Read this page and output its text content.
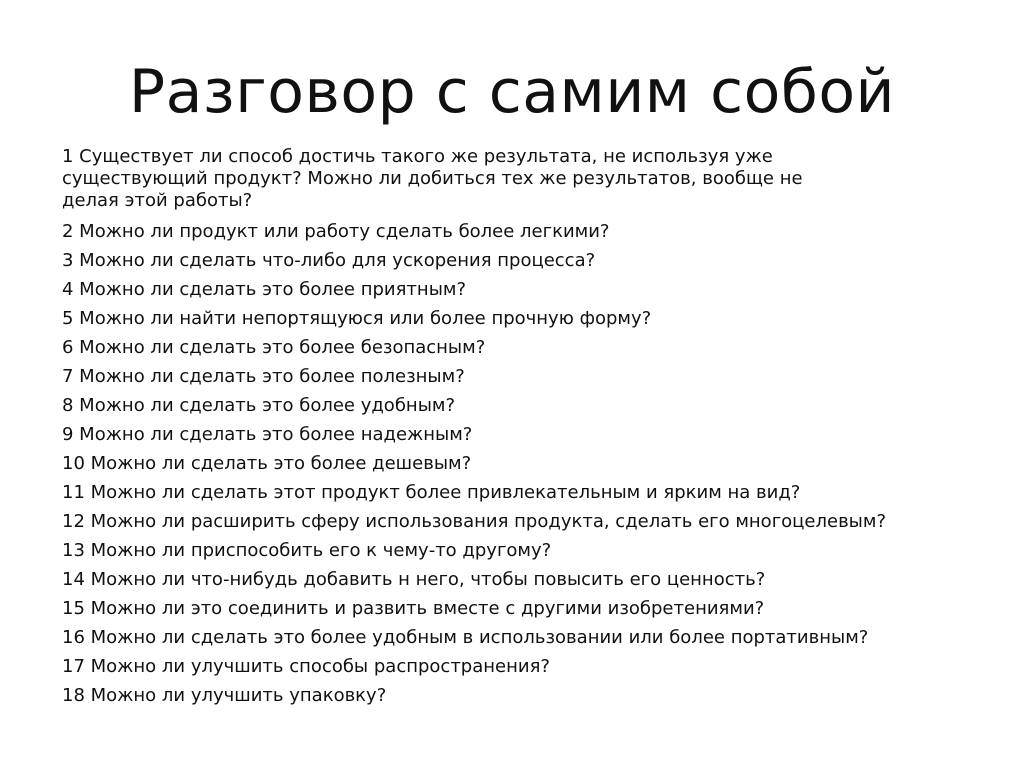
Разговор с самим собой
1 Существует ли способ достичь такого же результата, не используя уже существующий продукт? Можно ли добиться тех же результатов, вообще не делая этой работы?
2 Можно ли продукт или работу сделать более легкими?
3 Можно ли сделать что-либо для ускорения процесса?
4 Можно ли сделать это более приятным?
5 Можно ли найти непортящуюся или более прочную форму?
6 Можно ли сделать это более безопасным?
7 Можно ли сделать это более полезным?
8 Можно ли сделать это более удобным?
9 Можно ли сделать это более надежным?
10 Можно ли сделать это более дешевым?
11 Можно ли сделать этот продукт более привлекательным и ярким на вид?
12 Можно ли расширить сферу использования продукта, сделать его многоцелевым?
13 Можно ли приспособить его к чему-то другому?
14 Можно ли что-нибудь добавить н него, чтобы повысить его ценность?
15 Можно ли это соединить и развить вместе с другими изобретениями?
16 Можно ли сделать это более удобным в использовании или более портативным?
17 Можно ли улучшить способы распространения?
18 Можно ли улучшить упаковку?
